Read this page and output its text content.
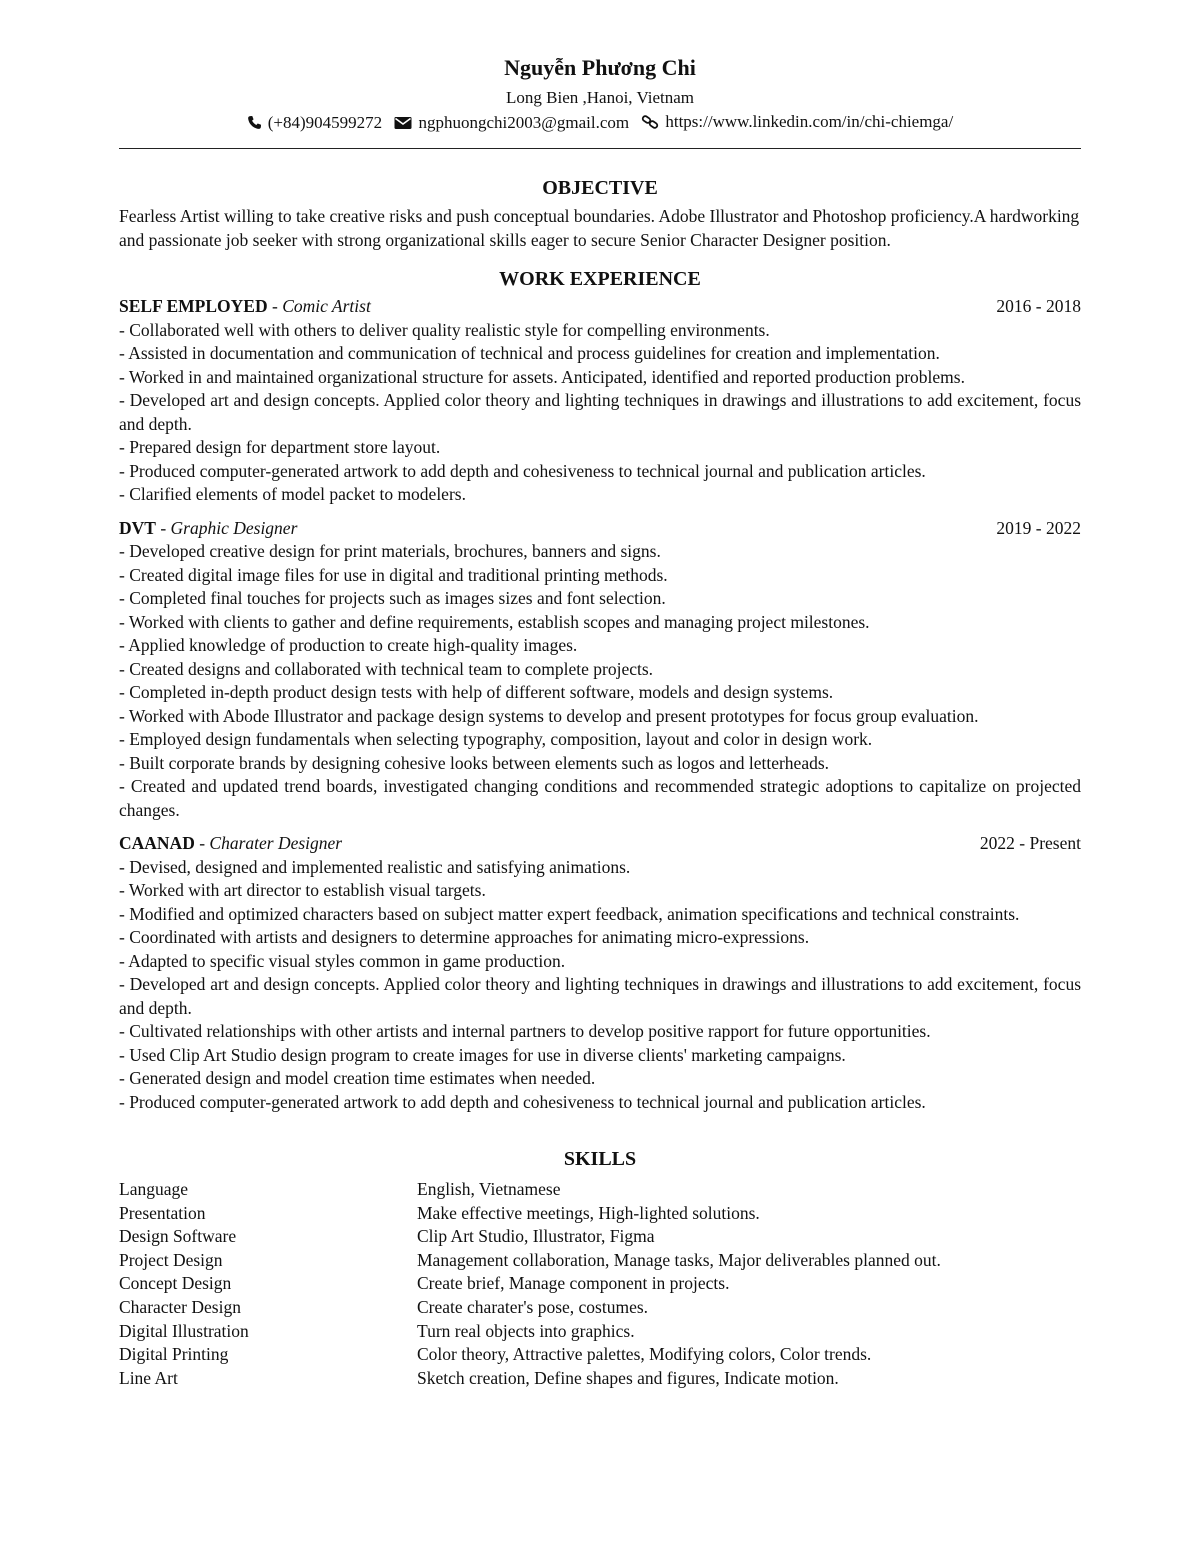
Nguyễn Phương Chi
Long Bien ,Hanoi, Vietnam
(+84)904599272
ngphuongchi2003@gmail.com
https://www.linkedin.com/in/chi-chiemga/
OBJECTIVE
Fearless Artist willing to take creative risks and push conceptual boundaries. Adobe Illustrator and Photoshop proficiency.A hardworking and passionate job seeker with strong organizational skills eager to secure Senior Character Designer position.
WORK EXPERIENCE
SELF EMPLOYED - Comic Artist	2016 - 2018
- Collaborated well with others to deliver quality realistic style for compelling environments.
- Assisted in documentation and communication of technical and process guidelines for creation and implementation.
- Worked in and maintained organizational structure for assets. Anticipated, identified and reported production problems.
- Developed art and design concepts. Applied color theory and lighting techniques in drawings and illustrations to add excitement, focus and depth.
- Prepared design for department store layout.
- Produced computer-generated artwork to add depth and cohesiveness to technical journal and publication articles.
- Clarified elements of model packet to modelers.
DVT - Graphic Designer	2019 - 2022
- Developed creative design for print materials, brochures, banners and signs.
- Created digital image files for use in digital and traditional printing methods.
- Completed final touches for projects such as images sizes and font selection.
- Worked with clients to gather and define requirements, establish scopes and managing project milestones.
- Applied knowledge of production to create high-quality images.
- Created designs and collaborated with technical team to complete projects.
- Completed in-depth product design tests with help of different software, models and design systems.
- Worked with Abode Illustrator and package design systems to develop and present prototypes for focus group evaluation.
- Employed design fundamentals when selecting typography, composition, layout and color in design work.
- Built corporate brands by designing cohesive looks between elements such as logos and letterheads.
- Created and updated trend boards, investigated changing conditions and recommended strategic adoptions to capitalize on projected changes.
CAANAD - Charater Designer	2022 - Present
- Devised, designed and implemented realistic and satisfying animations.
- Worked with art director to establish visual targets.
- Modified and optimized characters based on subject matter expert feedback, animation specifications and technical constraints.
- Coordinated with artists and designers to determine approaches for animating micro-expressions.
- Adapted to specific visual styles common in game production.
- Developed art and design concepts. Applied color theory and lighting techniques in drawings and illustrations to add excitement, focus and depth.
- Cultivated relationships with other artists and internal partners to develop positive rapport for future opportunities.
- Used Clip Art Studio design program to create images for use in diverse clients' marketing campaigns.
- Generated design and model creation time estimates when needed.
- Produced computer-generated artwork to add depth and cohesiveness to technical journal and publication articles.
SKILLS
Language	English, Vietnamese
Presentation	Make effective meetings, High-lighted solutions.
Design Software	Clip Art Studio, Illustrator, Figma
Project Design	Management collaboration, Manage tasks, Major deliverables planned out.
Concept Design	Create brief, Manage component in projects.
Character Design	Create charater's pose, costumes.
Digital Illustration	Turn real objects into graphics.
Digital Printing	Color theory, Attractive palettes, Modifying colors, Color trends.
Line Art	Sketch creation, Define shapes and figures, Indicate motion.
